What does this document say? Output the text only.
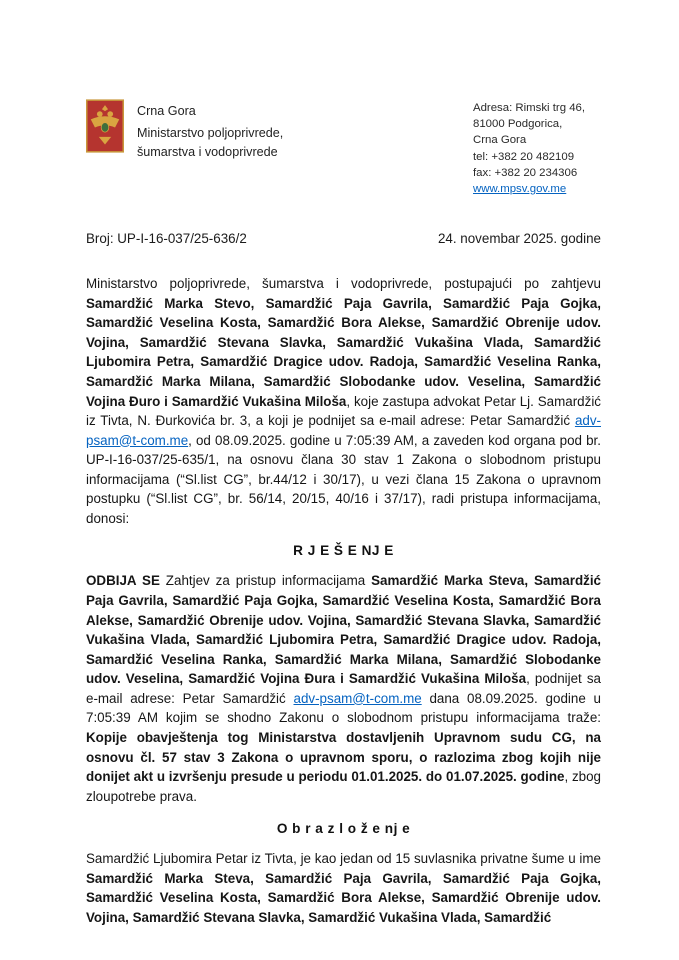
Crna Gora
Ministarstvo poljoprivrede,
šumarstva i vodoprivrede
Adresa: Rimski trg 46,
81000 Podgorica,
Crna Gora
tel: +382 20 482109
fax: +382 20 234306
www.mpsv.gov.me
Broj: UP-I-16-037/25-636/2	24. novembar 2025. godine

Ministarstvo poljoprivrede, šumarstva i vodoprivrede, postupajući po zahtjevu Samardžić Marka Stevo, Samardžić Paja Gavrila, Samardžić Paja Gojka, Samardžić Veselina Kosta, Samardžić Bora Alekse, Samardžić Obrenije udov. Vojina, Samardžić Stevana Slavka, Samardžić Vukašina Vlada, Samardžić Ljubomira Petra, Samardžić Dragice udov. Radoja, Samardžić Veselina Ranka, Samardžić Marka Milana, Samardžić Slobodanke udov. Veselina, Samardžić Vojina Đuro i Samardžić Vukašina Miloša, koje zastupa advokat Petar Lj. Samardžić iz Tivta, N. Đurkovića br. 3, a koji je podnijet sa e-mail adrese: Petar Samardžić adv-psam@t-com.me, od 08.09.2025. godine u 7:05:39 AM, a zaveden kod organa pod br. UP-I-16-037/25-635/1, na osnovu člana 30 stav 1 Zakona o slobodnom pristupu informacijama (“Sl.list CG”, br.44/12 i 30/17), u vezi člana 15 Zakona o upravnom postupku (“Sl.list CG”, br. 56/14, 20/15, 40/16 i 37/17), radi pristupa informacijama, donosi:

R J E Š E NJ E

ODBIJA SE Zahtjev za pristup informacijama Samardžić Marka Steva, Samardžić Paja Gavrila, Samardžić Paja Gojka, Samardžić Veselina Kosta, Samardžić Bora Alekse, Samardžić Obrenije udov. Vojina, Samardžić Stevana Slavka, Samardžić Vukašina Vlada, Samardžić Ljubomira Petra, Samardžić Dragice udov. Radoja, Samardžić Veselina Ranka, Samardžić Marka Milana, Samardžić Slobodanke udov. Veselina, Samardžić Vojina Đura i Samardžić Vukašina Miloša, podnijet sa e-mail adrese: Petar Samardžić adv-psam@t-com.me dana 08.09.2025. godine u 7:05:39 AM kojim se shodno Zakonu o slobodnom pristupu informacijama traže: Kopije obavještenja tog Ministarstva dostavljenih Upravnom sudu CG, na osnovu čl. 57 stav 3 Zakona o upravnom sporu, o razlozima zbog kojih nije donijet akt u izvršenju presude u periodu 01.01.2025. do 01.07.2025. godine, zbog zloupotrebe prava.

O b r a z l o ž e nj e

Samardžić Ljubomira Petar iz Tivta, je kao jedan od 15 suvlasnika privatne šume u ime Samardžić Marka Steva, Samardžić Paja Gavrila, Samardžić Paja Gojka, Samardžić Veselina Kosta, Samardžić Bora Alekse, Samardžić Obrenije udov. Vojina, Samardžić Stevana Slavka, Samardžić Vukašina Vlada, Samardžić
